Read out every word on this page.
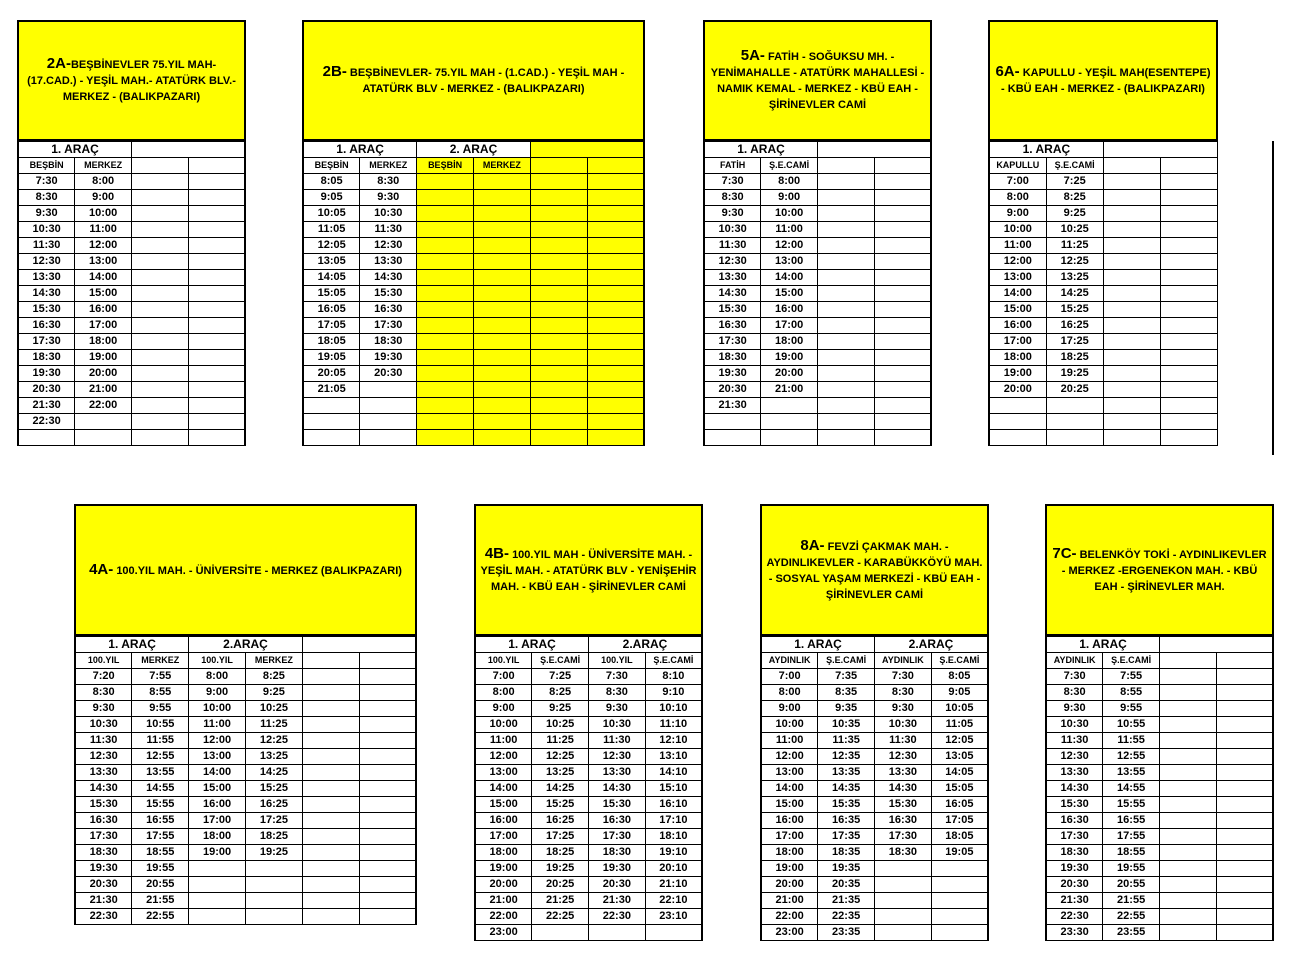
2A-BEŞBİNEVLER 75.YIL MAH- (17.CAD.) - YEŞİL MAH.- ATATÜRK BLV.-MERKEZ - (BALIKPAZARI)
1. ARAÇ			
BEŞBİN	MERKEZ		
7:30	8:00		
8:30	9:00		
9:30	10:00		
10:30	11:00		
11:30	12:00		
12:30	13:00		
13:30	14:00		
14:30	15:00		
15:30	16:00		
16:30	17:00		
17:30	18:00		
18:30	19:00		
19:30	20:00		
20:30	21:00		
21:30	22:00		
22:30			

2B- BEŞBİNEVLER- 75.YIL MAH - (1.CAD.) - YEŞİL MAH - ATATÜRK BLV - MERKEZ - (BALIKPAZARI)
1. ARAÇ		2. ARAÇ			
BEŞBİN	MERKEZ	BEŞBİN	MERKEZ		
8:05	8:30				
9:05	9:30				
10:05	10:30				
11:05	11:30				
12:05	12:30				
13:05	13:30				
14:05	14:30				
15:05	15:30				
16:05	16:30				
17:05	17:30				
18:05	18:30				
19:05	19:30				
20:05	20:30				
21:05					

5A- FATİH - SOĞUKSU MH. - YENİMAHALLE - ATATÜRK MAHALLESİ - NAMIK KEMAL - MERKEZ - KBÜ EAH - ŞİRİNEVLER CAMİ
1. ARAÇ			
FATİH	Ş.E.CAMİ		
7:30	8:00		
8:30	9:00		
9:30	10:00		
10:30	11:00		
11:30	12:00		
12:30	13:00		
13:30	14:00		
14:30	15:00		
15:30	16:00		
16:30	17:00		
17:30	18:00		
18:30	19:00		
19:30	20:00		
20:30	21:00		
21:30			

6A- KAPULLU - YEŞİL MAH(ESENTEPE) - KBÜ EAH - MERKEZ - (BALIKPAZARI)
1. ARAÇ			
KAPULLU	Ş.E.CAMİ		
7:00	7:25		
8:00	8:25		
9:00	9:25		
10:00	10:25		
11:00	11:25		
12:00	12:25		
13:00	13:25		
14:00	14:25		
15:00	15:25		
16:00	16:25		
17:00	17:25		
18:00	18:25		
19:00	19:25		
20:00	20:25		

4A- 100.YIL MAH. - ÜNİVERSİTE - MERKEZ (BALIKPAZARI)
1. ARAÇ		2.ARAÇ			
100.YIL	MERKEZ	100.YIL	MERKEZ		
7:20	7:55	8:00	8:25		
8:30	8:55	9:00	9:25		
9:30	9:55	10:00	10:25		
10:30	10:55	11:00	11:25		
11:30	11:55	12:00	12:25		
12:30	12:55	13:00	13:25		
13:30	13:55	14:00	14:25		
14:30	14:55	15:00	15:25		
15:30	15:55	16:00	16:25		
16:30	16:55	17:00	17:25		
17:30	17:55	18:00	18:25		
18:30	18:55	19:00	19:25		
19:30	19:55				
20:30	20:55				
21:30	21:55				
22:30	22:55				
4B- 100.YIL MAH - ÜNİVERSİTE MAH. - YEŞİL MAH. - ATATÜRK BLV - YENİŞEHİR MAH. - KBÜ EAH - ŞİRİNEVLER CAMİ
1. ARAÇ		2.ARAÇ	
100.YIL	Ş.E.CAMİ	100.YIL	Ş.E.CAMİ
7:00	7:25	7:30	8:10
8:00	8:25	8:30	9:10
9:00	9:25	9:30	10:10
10:00	10:25	10:30	11:10
11:00	11:25	11:30	12:10
12:00	12:25	12:30	13:10
13:00	13:25	13:30	14:10
14:00	14:25	14:30	15:10
15:00	15:25	15:30	16:10
16:00	16:25	16:30	17:10
17:00	17:25	17:30	18:10
18:00	18:25	18:30	19:10
19:00	19:25	19:30	20:10
20:00	20:25	20:30	21:10
21:00	21:25	21:30	22:10
22:00	22:25	22:30	23:10
23:00			
8A- FEVZİ ÇAKMAK MAH. - AYDINLIKEVLER - KARABÜKKÖYÜ MAH. - SOSYAL YAŞAM MERKEZİ - KBÜ EAH - ŞİRİNEVLER CAMİ
1. ARAÇ		2.ARAÇ	
AYDINLIK	Ş.E.CAMİ	AYDINLIK	Ş.E.CAMİ
7:00	7:35	7:30	8:05
8:00	8:35	8:30	9:05
9:00	9:35	9:30	10:05
10:00	10:35	10:30	11:05
11:00	11:35	11:30	12:05
12:00	12:35	12:30	13:05
13:00	13:35	13:30	14:05
14:00	14:35	14:30	15:05
15:00	15:35	15:30	16:05
16:00	16:35	16:30	17:05
17:00	17:35	17:30	18:05
18:00	18:35	18:30	19:05
19:00	19:35		
20:00	20:35		
21:00	21:35		
22:00	22:35		
23:00	23:35		
7C- BELENKÖY TOKİ - AYDINLIKEVLER - MERKEZ -ERGENEKON MAH. - KBÜ EAH - ŞİRİNEVLER MAH.
1. ARAÇ			
AYDINLIK	Ş.E.CAMİ		
7:30	7:55		
8:30	8:55		
9:30	9:55		
10:30	10:55		
11:30	11:55		
12:30	12:55		
13:30	13:55		
14:30	14:55		
15:30	15:55		
16:30	16:55		
17:30	17:55		
18:30	18:55		
19:30	19:55		
20:30	20:55		
21:30	21:55		
22:30	22:55		
23:30	23:55		
